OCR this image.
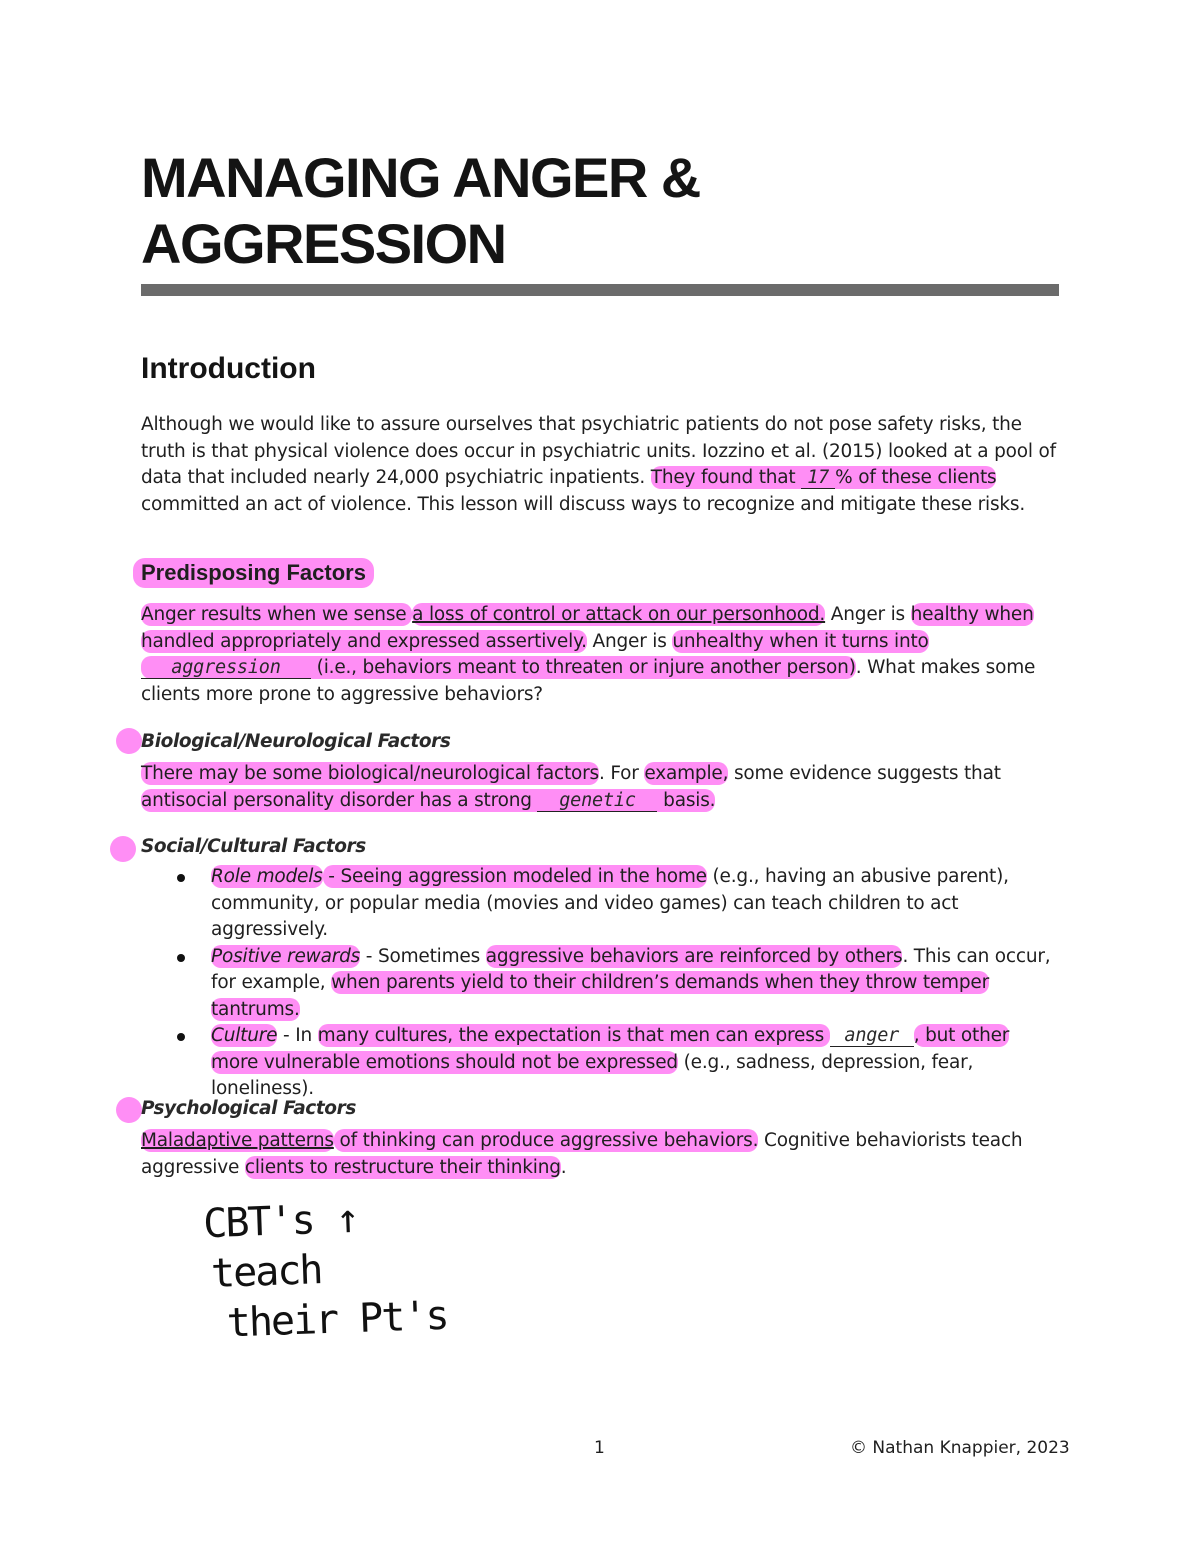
MANAGING ANGER & AGGRESSION
Introduction

Although we would like to assure ourselves that psychiatric patients do not pose safety risks, the truth is that physical violence does occur in psychiatric units. Iozzino et al. (2015) looked at a pool of data that included nearly 24,000 psychiatric inpatients. They found that 17 % of these clients committed an act of violence. This lesson will discuss ways to recognize and mitigate these risks.

Predisposing Factors

Anger results when we sense a loss of control or attack on our personhood. Anger is healthy when handled appropriately and expressed assertively. Anger is unhealthy when it turns into aggression (i.e., behaviors meant to threaten or injure another person). What makes some clients more prone to aggressive behaviors?

Biological/Neurological Factors

There may be some biological/neurological factors. For example, some evidence suggests that antisocial personality disorder has a strong genetic basis.

Social/Cultural Factors
Role models - Seeing aggression modeled in the home (e.g., having an abusive parent), community, or popular media (movies and video games) can teach children to act aggressively.
Positive rewards - Sometimes aggressive behaviors are reinforced by others. This can occur, for example, when parents yield to their children’s demands when they throw temper tantrums.
Culture - In many cultures, the expectation is that men can express anger , but other more vulnerable emotions should not be expressed (e.g., sadness, depression, fear, loneliness).
Psychological Factors

Maladaptive patterns of thinking can produce aggressive behaviors. Cognitive behaviorists teach aggressive clients to restructure their thinking.

CBT's ↑
teach
their Pt's
1	© Nathan Knappier, 2023
